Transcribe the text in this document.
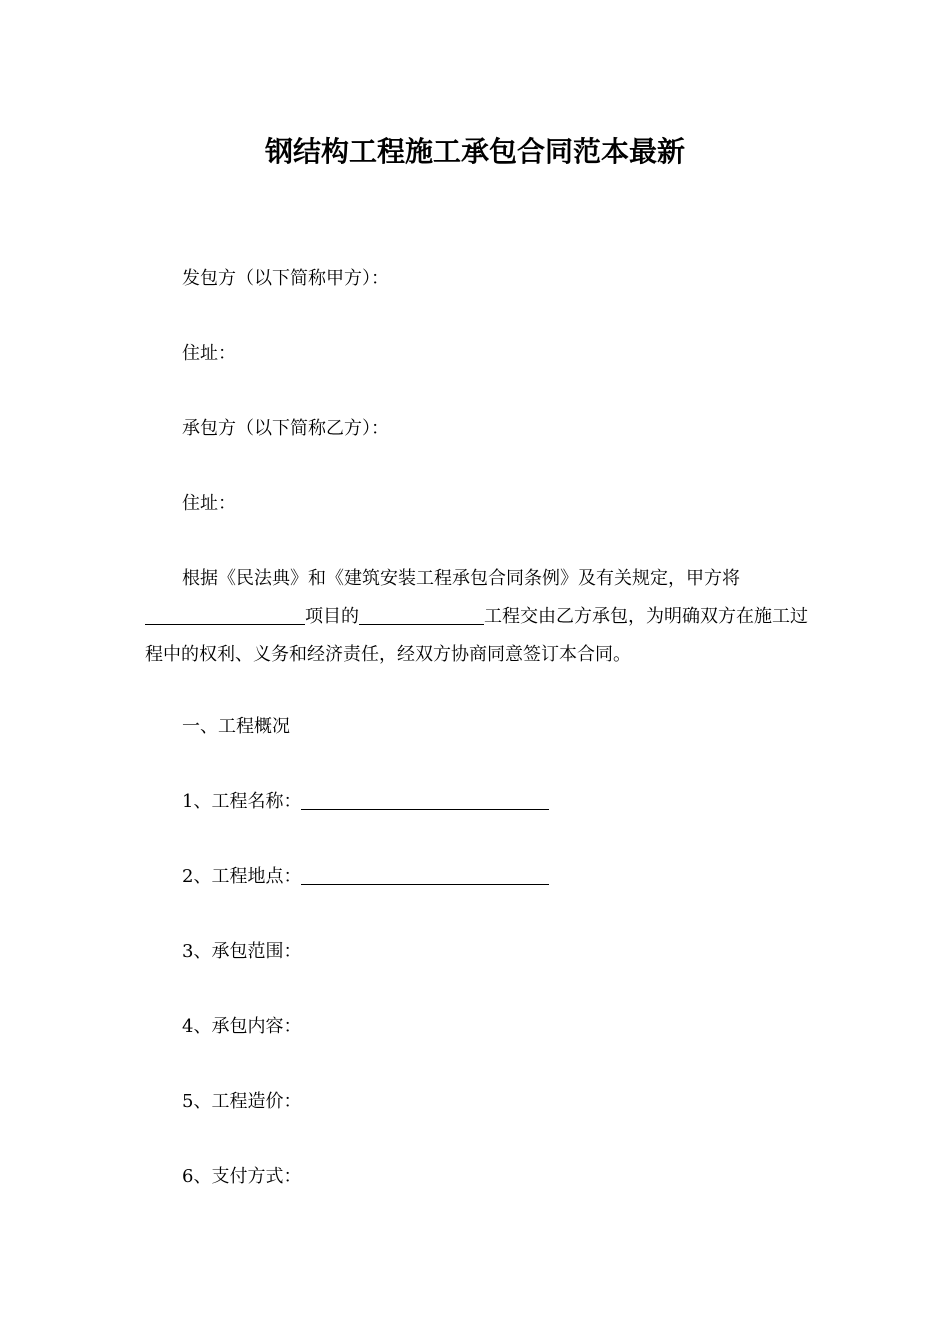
钢结构工程施工承包合同范本最新
发包方（以下简称甲方）：
住址：
承包方（以下简称乙方）：
住址：
根据《民法典》和《建筑安装工程承包合同条例》及有关规定，甲方将项目的	工程交由乙方承包，为明确双方在施工过程中的权利、义务和经济责任，经双方协商同意签订本合同。
一、工程概况
1、工程名称：
2、工程地点：
3、承包范围：
4、承包内容：
5、工程造价：
6、支付方式：
